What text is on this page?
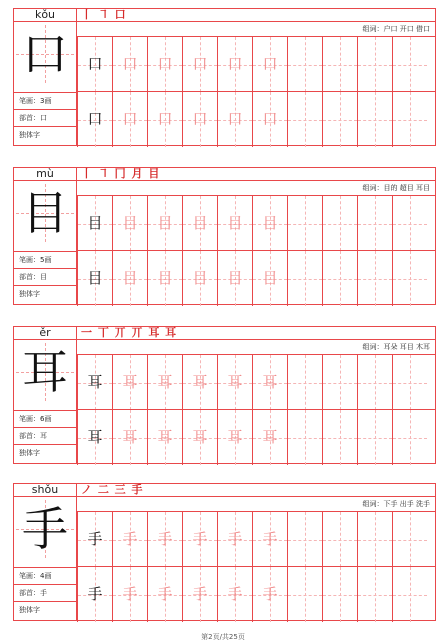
kǒu
口
笔画：3画
部首：口
独体字
丨 ㇕ 口
组词：户口 开口 借口
口	口	口	口	口	口
口	口	口	口	口	口
mù
目
笔画：5画
部首：目
独体字
丨 ㇕ 冂 月 目
组词：目的 超目 耳目
目	目	目	目	目	目
目	目	目	目	目	目
ěr
耳
笔画：6画
部首：耳
独体字
一 丅 丌 丌 耳 耳
组词：耳朵 耳目 木耳
耳	耳	耳	耳	耳	耳
耳	耳	耳	耳	耳	耳
shǒu
手
笔画：4画
部首：手
独体字
ノ 二 三 手
组词：下手 出手 洗手
手	手	手	手	手	手
手	手	手	手	手	手
第2页/共25页
